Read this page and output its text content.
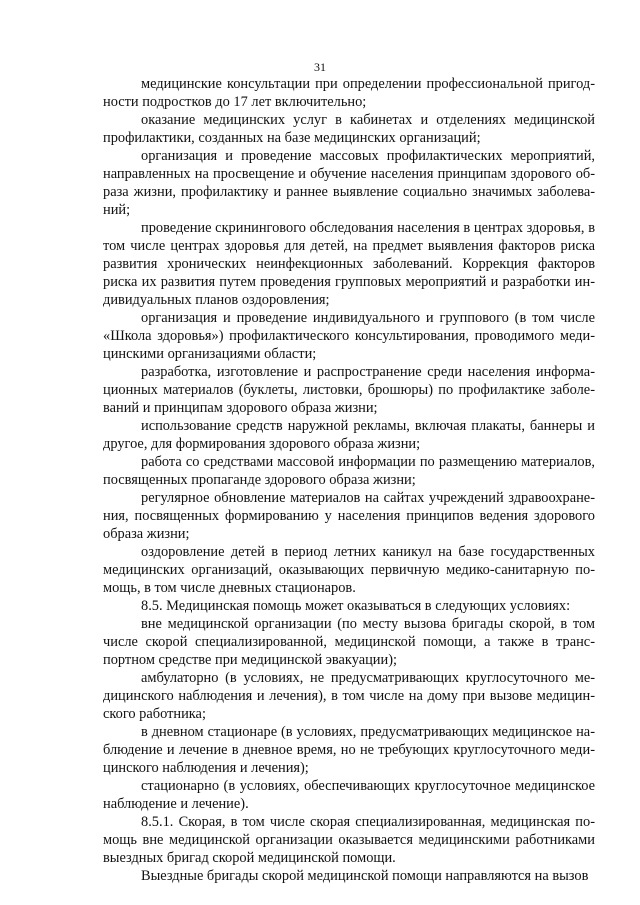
31

медицинские консультации при определении профессиональной пригод-
ности подростков до 17 лет включительно;

оказание медицинских услуг в кабинетах и отделениях медицинской
профилактики, созданных на базе медицинских организаций;

организация и проведение массовых профилактических мероприятий,
направленных на просвещение и обучение населения принципам здорового об-
раза жизни, профилактику и раннее выявление социально значимых заболева-
ний;

проведение скринингового обследования населения в центрах здоровья, в
том числе центрах здоровья для детей, на предмет выявления факторов риска
развития хронических неинфекционных заболеваний. Коррекция факторов
риска их развития путем проведения групповых мероприятий и разработки ин-
дивидуальных планов оздоровления;

организация и проведение индивидуального и группового (в том числе
«Школа здоровья») профилактического консультирования, проводимого меди-
цинскими организациями области;

разработка, изготовление и распространение среди населения информа-
ционных материалов (буклеты, листовки, брошюры) по профилактике заболе-
ваний и принципам здорового образа жизни;

использование средств наружной рекламы, включая плакаты, баннеры и
другое, для формирования здорового образа жизни;

работа со средствами массовой информации по размещению материалов,
посвященных пропаганде здорового образа жизни;

регулярное обновление материалов на сайтах учреждений здравоохране-
ния, посвященных формированию у населения принципов ведения здорового
образа жизни;

оздоровление детей в период летних каникул на базе государственных
медицинских организаций, оказывающих первичную медико-санитарную по-
мощь, в том числе дневных стационаров.

8.5. Медицинская помощь может оказываться в следующих условиях:

вне медицинской организации (по месту вызова бригады скорой, в том
числе скорой специализированной, медицинской помощи, а также в транс-
портном средстве при медицинской эвакуации);

амбулаторно (в условиях, не предусматривающих круглосуточного ме-
дицинского наблюдения и лечения), в том числе на дому при вызове медицин-
ского работника;

в дневном стационаре (в условиях, предусматривающих медицинское на-
блюдение и лечение в дневное время, но не требующих круглосуточного меди-
цинского наблюдения и лечения);

стационарно (в условиях, обеспечивающих круглосуточное медицинское
наблюдение и лечение).

8.5.1. Скорая, в том числе скорая специализированная, медицинская по-
мощь вне медицинской организации оказывается медицинскими работниками
выездных бригад скорой медицинской помощи.

Выездные бригады скорой медицинской помощи направляются на вызов
